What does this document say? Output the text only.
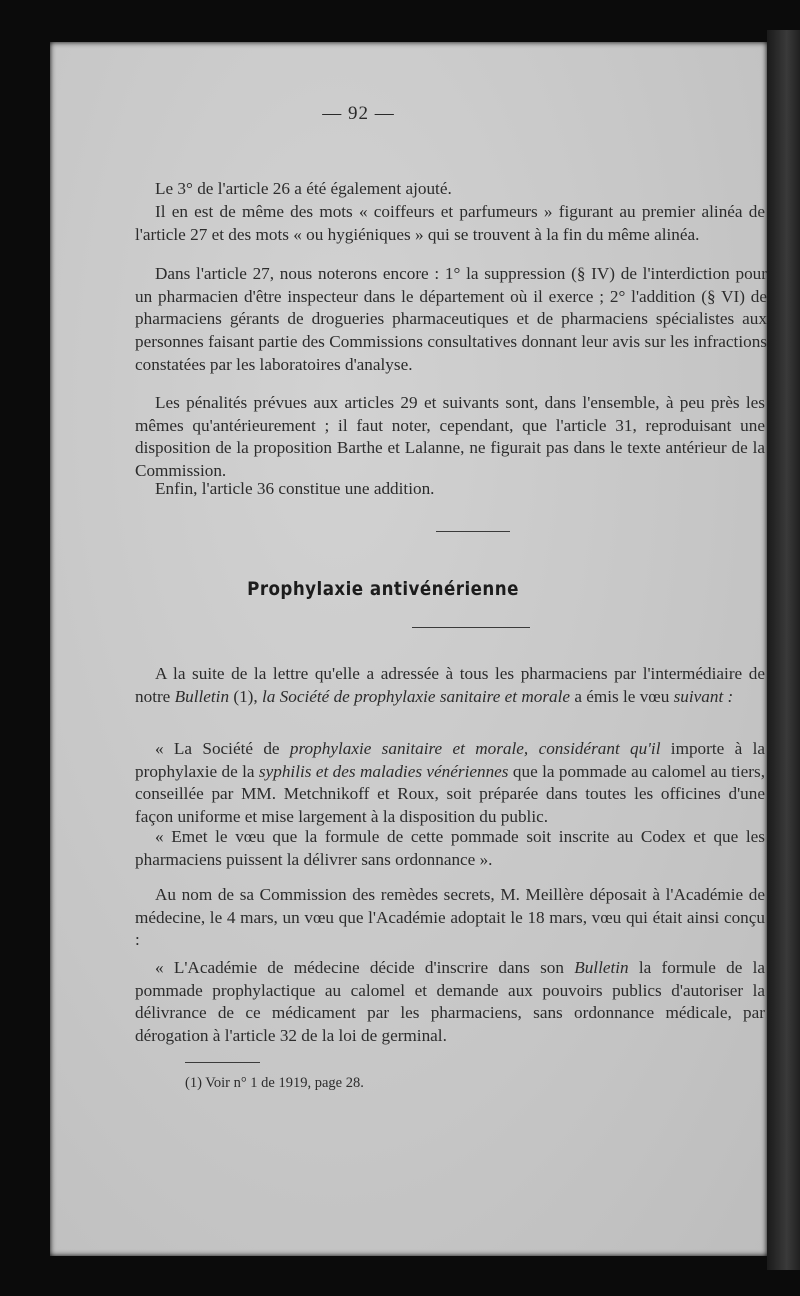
— 92 —

Le 3° de l'article 26 a été également ajouté.

Il en est de même des mots « coiffeurs et parfumeurs » figurant au premier alinéa de l'article 27 et des mots « ou hygiéniques » qui se trouvent à la fin du même alinéa.

Dans l'article 27, nous noterons encore : 1° la suppression (§ IV) de l'interdiction pour un pharmacien d'être inspecteur dans le département où il exerce ; 2° l'addition (§ VI) de pharmaciens gérants de drogueries pharmaceutiques et de pharmaciens spécialistes aux personnes faisant partie des Commissions consultatives donnant leur avis sur les infractions constatées par les laboratoires d'analyse.

Les pénalités prévues aux articles 29 et suivants sont, dans l'ensemble, à peu près les mêmes qu'antérieurement ; il faut noter, cependant, que l'article 31, reproduisant une disposition de la proposition Barthe et Lalanne, ne figurait pas dans le texte antérieur de la Commission.

Enfin, l'article 36 constitue une addition.

Prophylaxie antivénérienne

A la suite de la lettre qu'elle a adressée à tous les pharmaciens par l'intermédiaire de notre Bulletin (1), la Société de prophylaxie sanitaire et morale a émis le vœu suivant :

« La Société de prophylaxie sanitaire et morale, considérant qu'il importe à la prophylaxie de la syphilis et des maladies vénériennes que la pommade au calomel au tiers, conseillée par MM. Metchnikoff et Roux, soit préparée dans toutes les officines d'une façon uniforme et mise largement à la disposition du public.

« Emet le vœu que la formule de cette pommade soit inscrite au Codex et que les pharmaciens puissent la délivrer sans ordonnance ».

Au nom de sa Commission des remèdes secrets, M. Meillère déposait à l'Académie de médecine, le 4 mars, un vœu que l'Académie adoptait le 18 mars, vœu qui était ainsi conçu :

« L'Académie de médecine décide d'inscrire dans son Bulletin la formule de la pommade prophylactique au calomel et demande aux pouvoirs publics d'autoriser la délivrance de ce médicament par les pharmaciens, sans ordonnance médicale, par dérogation à l'article 32 de la loi de germinal.

(1) Voir n° 1 de 1919, page 28.
